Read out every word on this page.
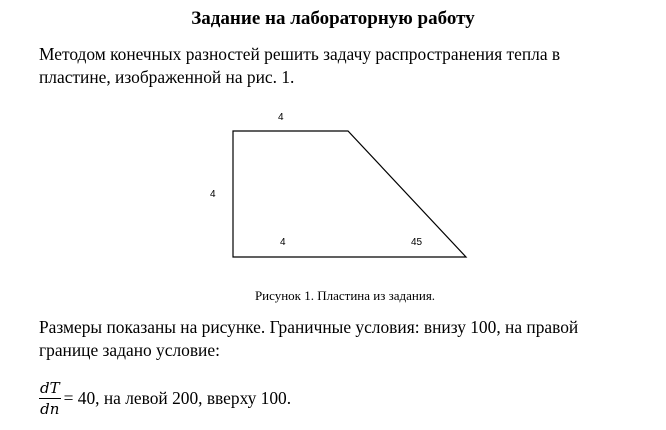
Задание на лабораторную работу
Методом конечных разностей решить задачу распространения тепла в
пластине, изображенной на рис. 1.
4
4
4	45

Рисунок 1. Пластина из задания.

Размеры показаны на рисунке. Граничные условия: внизу 100, на правой
границе задано условие:
$\frac{dT}{dn} = 40$, на левой 200, вверху 100.
